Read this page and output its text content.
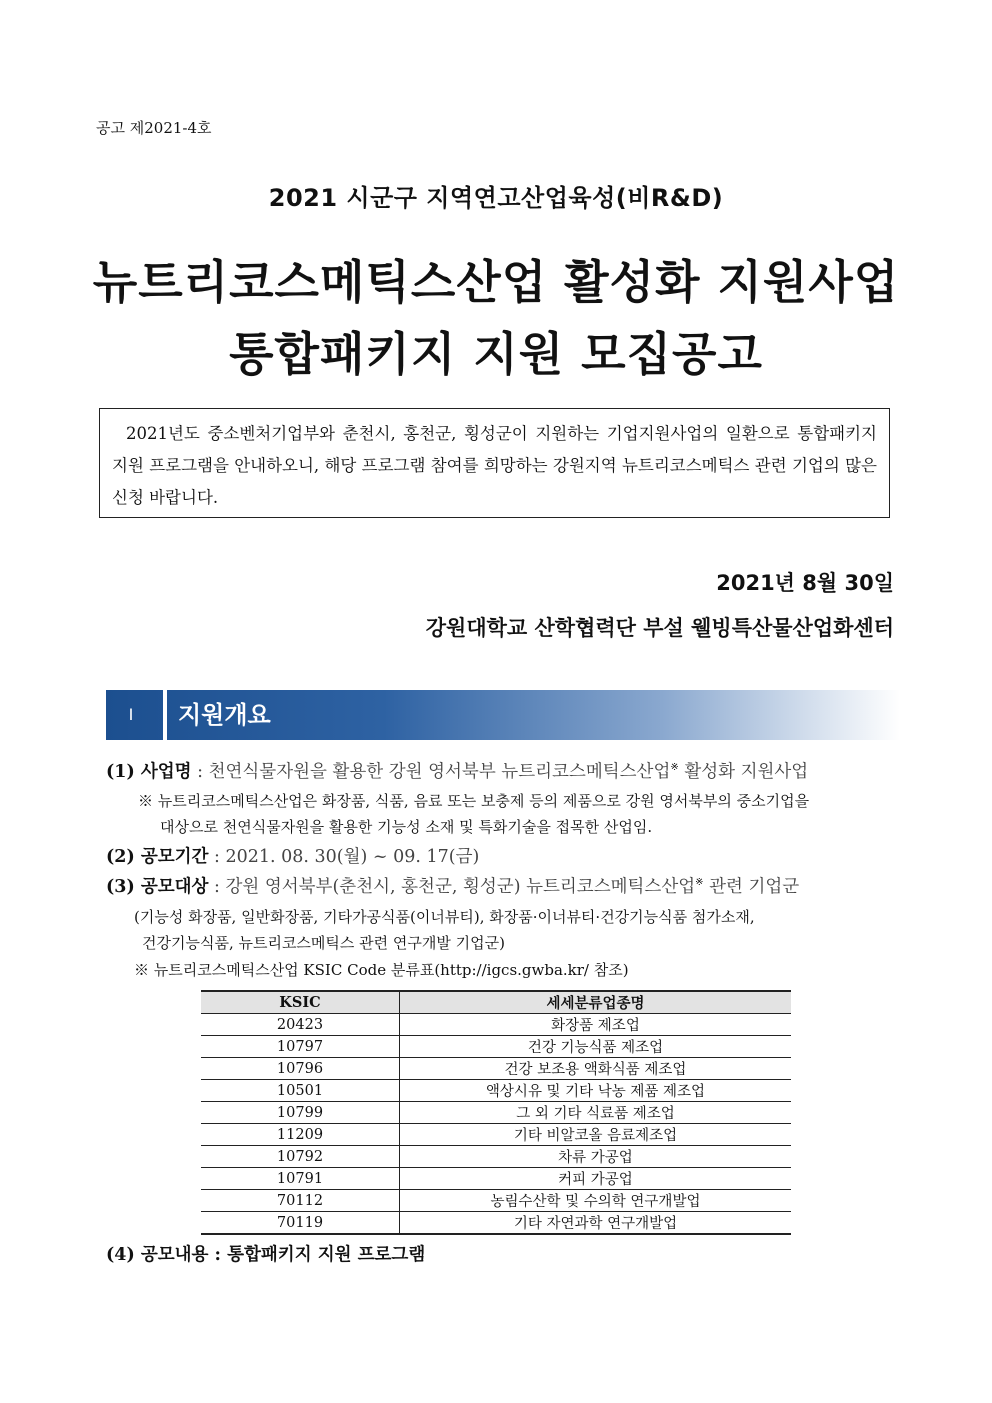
공고 제2021-4호
2021 시군구 지역연고산업육성(비R&D)
뉴트리코스메틱스산업 활성화 지원사업
통합패키지 지원 모집공고

2021년도 중소벤처기업부와 춘천시, 홍천군, 횡성군이 지원하는 기업지원사업의 일환으로 통합패키지 지원 프로그램을 안내하오니, 해당 프로그램 참여를 희망하는 강원지역 뉴트리코스메틱스 관련 기업의 많은 신청 바랍니다.

2021년 8월 30일
강원대학교 산학협력단 부설 웰빙특산물산업화센터
Ⅰ	지원개요
(1) 사업명 : 천연식물자원을 활용한 강원 영서북부 뉴트리코스메틱스산업※ 활성화 지원사업
※ 뉴트리코스메틱스산업은 화장품, 식품, 음료 또는 보충제 등의 제품으로 강원 영서북부의 중소기업을
대상으로 천연식물자원을 활용한 기능성 소재 및 특화기술을 접목한 산업임.
(2) 공모기간 : 2021. 08. 30(월) ~ 09. 17(금)
(3) 공모대상 : 강원 영서북부(춘천시, 홍천군, 횡성군) 뉴트리코스메틱스산업※ 관련 기업군
(기능성 화장품, 일반화장품, 기타가공식품(이너뷰티), 화장품·이너뷰티·건강기능식품 첨가소재,
건강기능식품, 뉴트리코스메틱스 관련 연구개발 기업군)
※ 뉴트리코스메틱스산업 KSIC Code 분류표(http://igcs.gwba.kr/ 참조)
KSIC	세세분류업종명
20423	화장품 제조업
10797	건강 기능식품 제조업
10796	건강 보조용 액화식품 제조업
10501	액상시유 및 기타 낙농 제품 제조업
10799	그 외 기타 식료품 제조업
11209	기타 비알코올 음료제조업
10792	차류 가공업
10791	커피 가공업
70112	농림수산학 및 수의학 연구개발업
70119	기타 자연과학 연구개발업
(4) 공모내용 : 통합패키지 지원 프로그램
